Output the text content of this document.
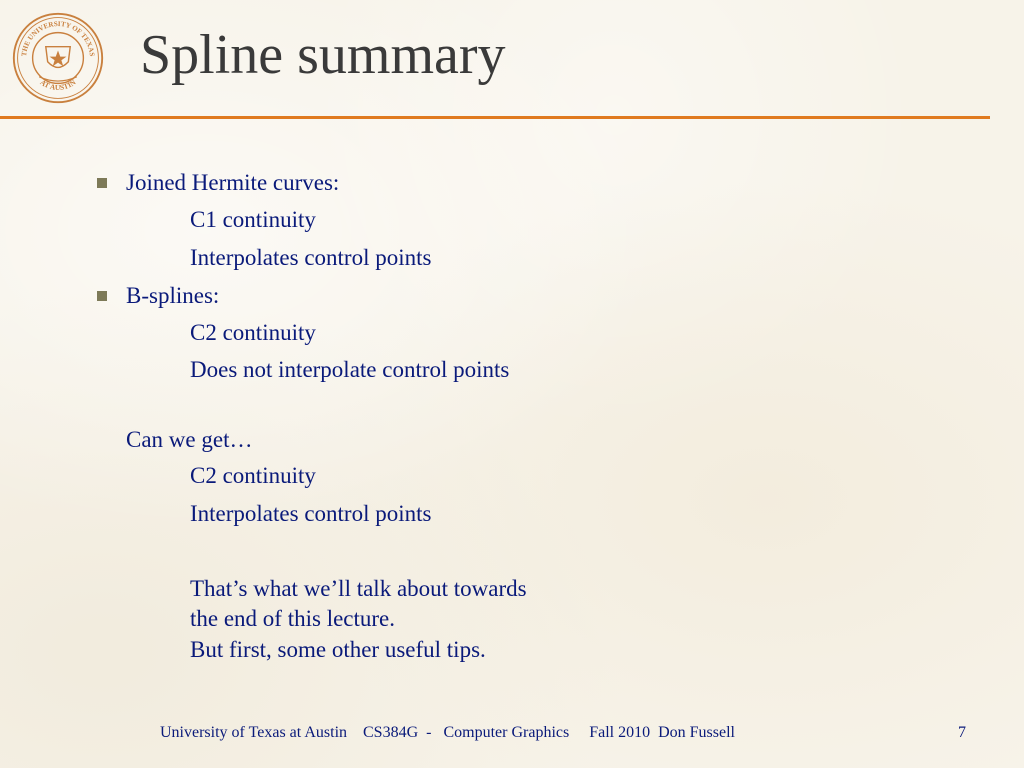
THE UNIVERSITY OF TEXAS
AT AUSTIN Spline summary
Joined Hermite curves:
C1 continuity
Interpolates control points
B-splines:
C2 continuity
Does not interpolate control points
Can we get…
C2 continuity
Interpolates control points
That’s what we’ll talk about towards
the end of this lecture.
But first, some other useful tips.
University of Texas at Austin    CS384G  -   Computer Graphics     Fall 2010  Don Fussell	7
